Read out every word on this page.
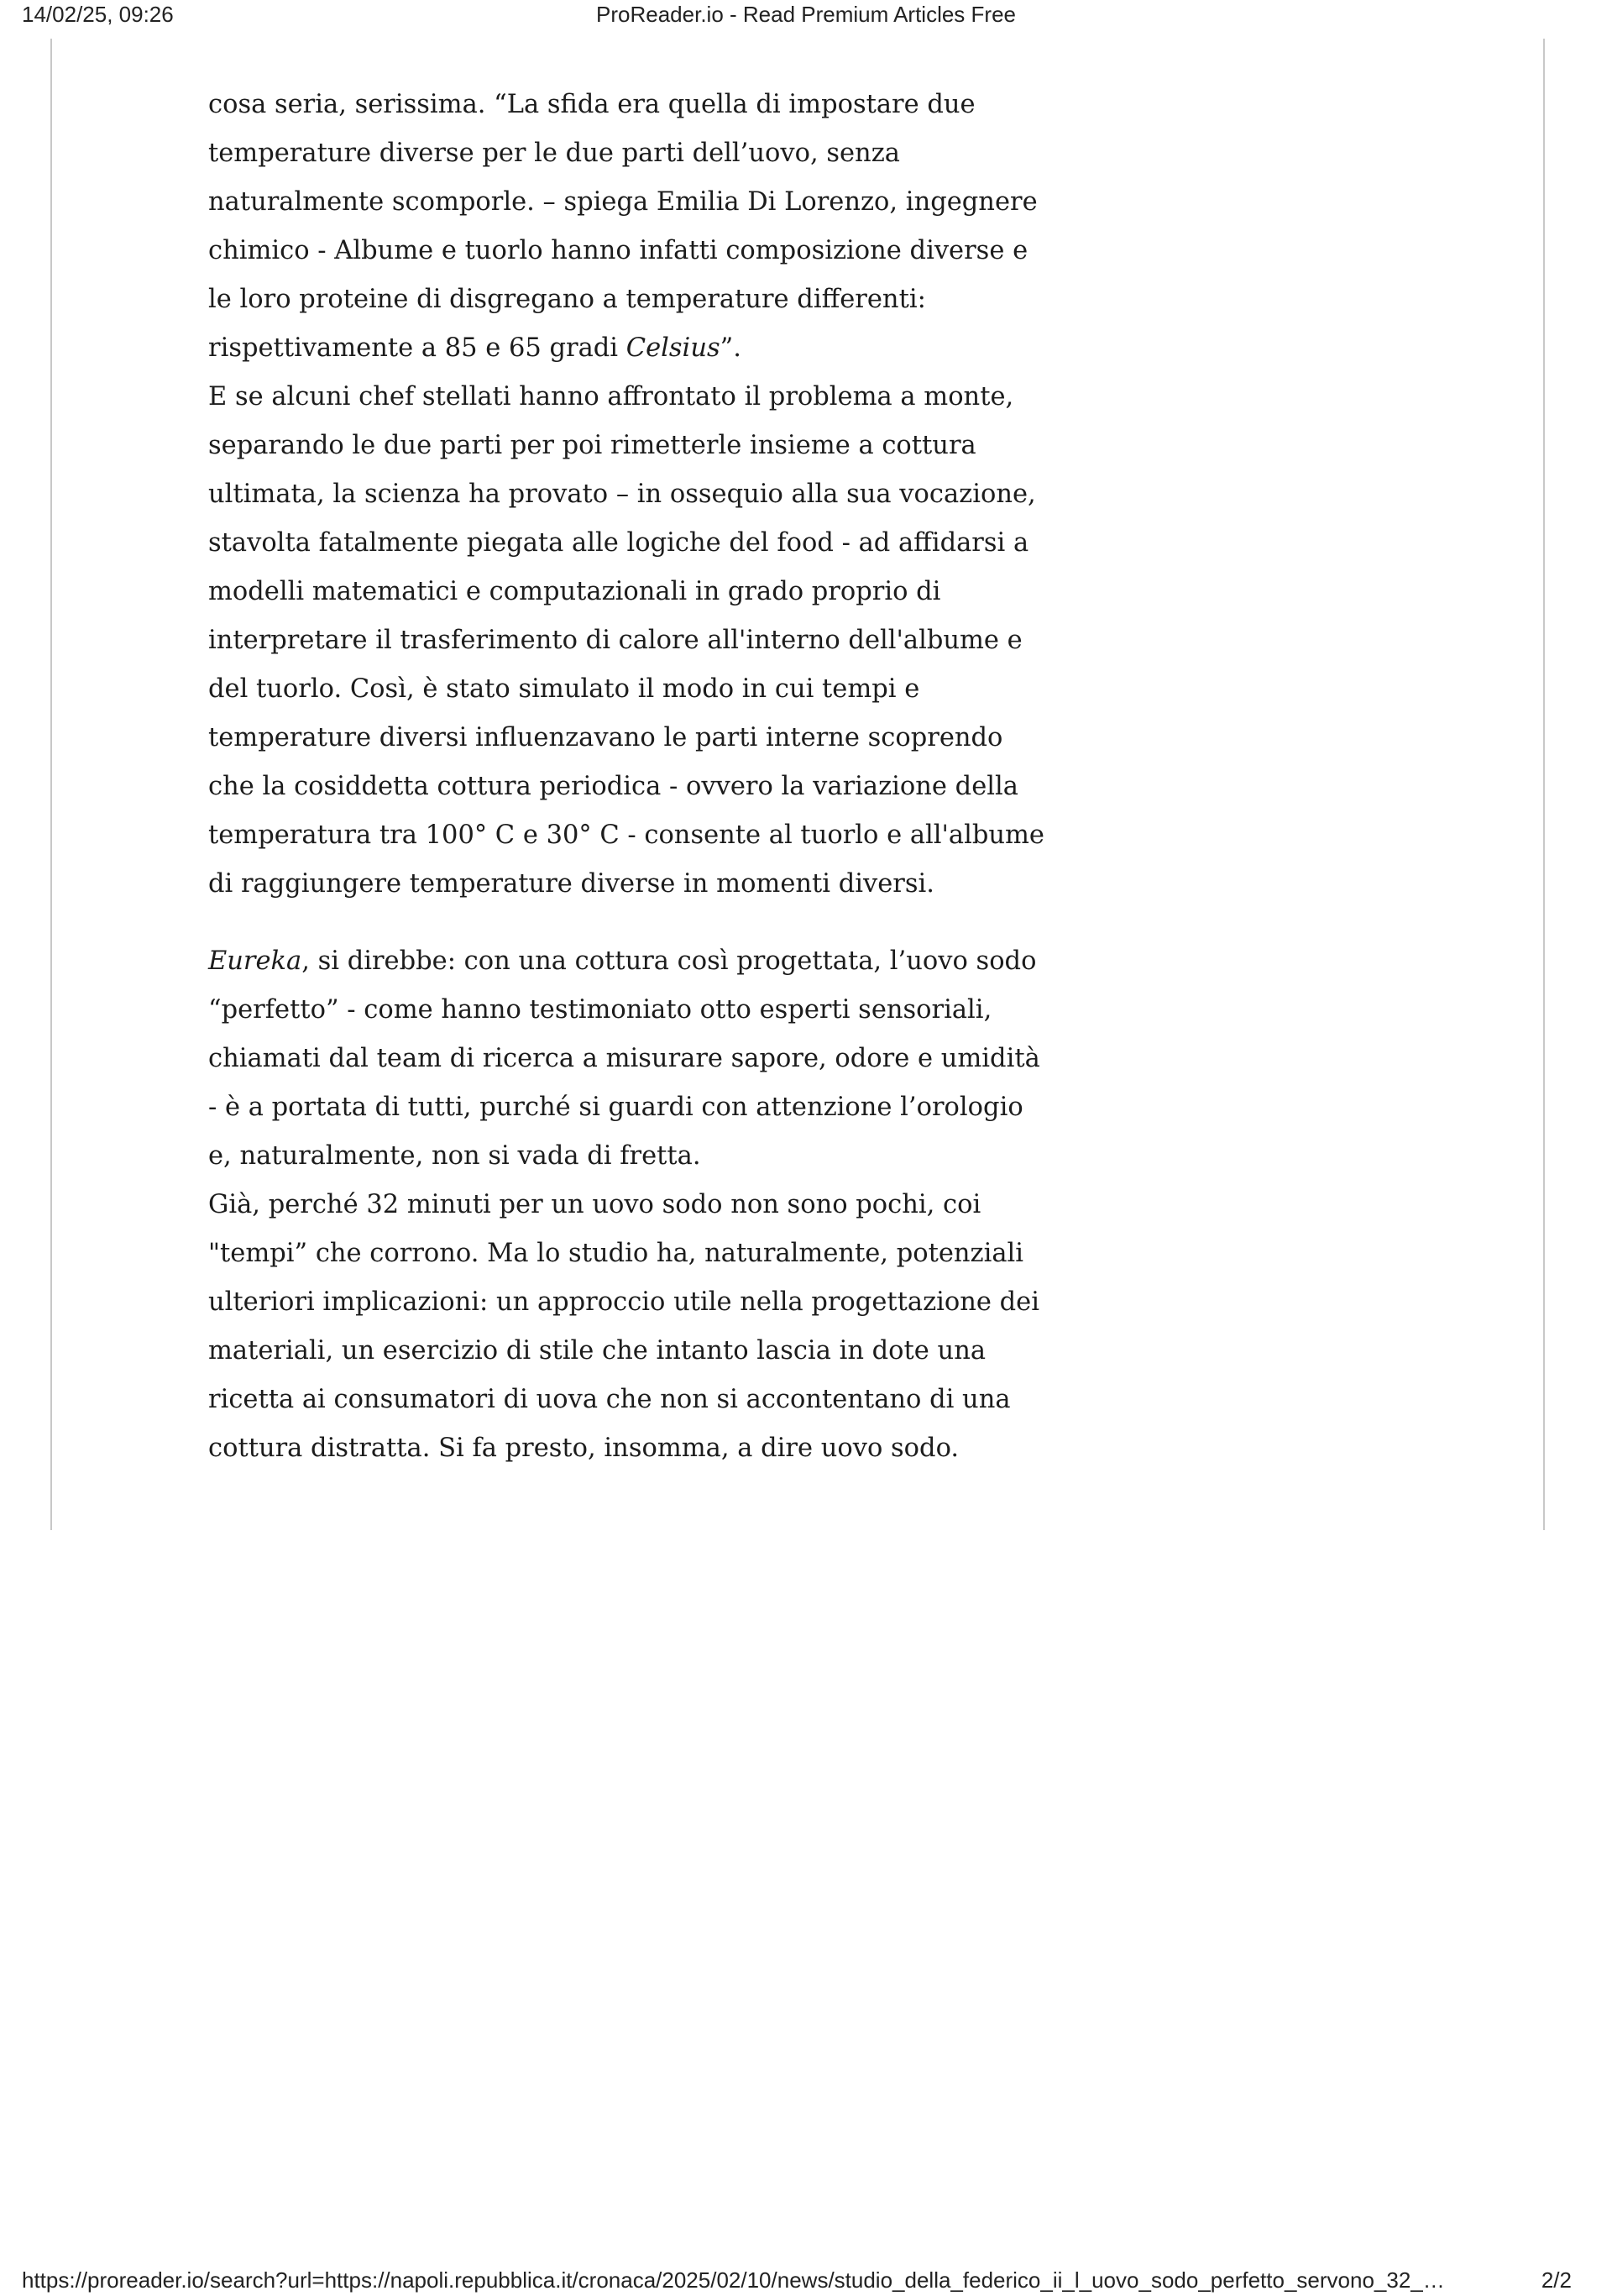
ProReader.io - Read Premium Articles Free
14/02/25, 09:26

cosa seria, serissima. “La sfida era quella di impostare due temperature diverse per le due parti dell’uovo, senza naturalmente scomporle. – spiega Emilia Di Lorenzo, ingegnere chimico - Albume e tuorlo hanno infatti composizione diverse e le loro proteine di disgregano a temperature differenti: rispettivamente a 85 e 65 gradi Celsius”.

E se alcuni chef stellati hanno affrontato il problema a monte, separando le due parti per poi rimetterle insieme a cottura ultimata, la scienza ha provato – in ossequio alla sua vocazione, stavolta fatalmente piegata alle logiche del food - ad affidarsi a modelli matematici e computazionali in grado proprio di interpretare il trasferimento di calore all'interno dell'albume e del tuorlo. Così, è stato simulato il modo in cui tempi e temperature diversi influenzavano le parti interne scoprendo che la cosiddetta cottura periodica - ovvero la variazione della temperatura tra 100° C e 30° C - consente al tuorlo e all'albume di raggiungere temperature diverse in momenti diversi.

Eureka, si direbbe: con una cottura così progettata, l’uovo sodo “perfetto” - come hanno testimoniato otto esperti sensoriali, chiamati dal team di ricerca a misurare sapore, odore e umidità - è a portata di tutti, purché si guardi con attenzione l’orologio e, naturalmente, non si vada di fretta.

Già, perché 32 minuti per un uovo sodo non sono pochi, coi "tempi” che corrono. Ma lo studio ha, naturalmente, potenziali ulteriori implicazioni: un approccio utile nella progettazione dei materiali, un esercizio di stile che intanto lascia in dote una ricetta ai consumatori di uova che non si accontentano di una cottura distratta. Si fa presto, insomma, a dire uovo sodo.

https://proreader.io/search?url=https://napoli.repubblica.it/cronaca/2025/02/10/news/studio_della_federico_ii_l_uovo_sodo_perfetto_servono_32_…	2/2
